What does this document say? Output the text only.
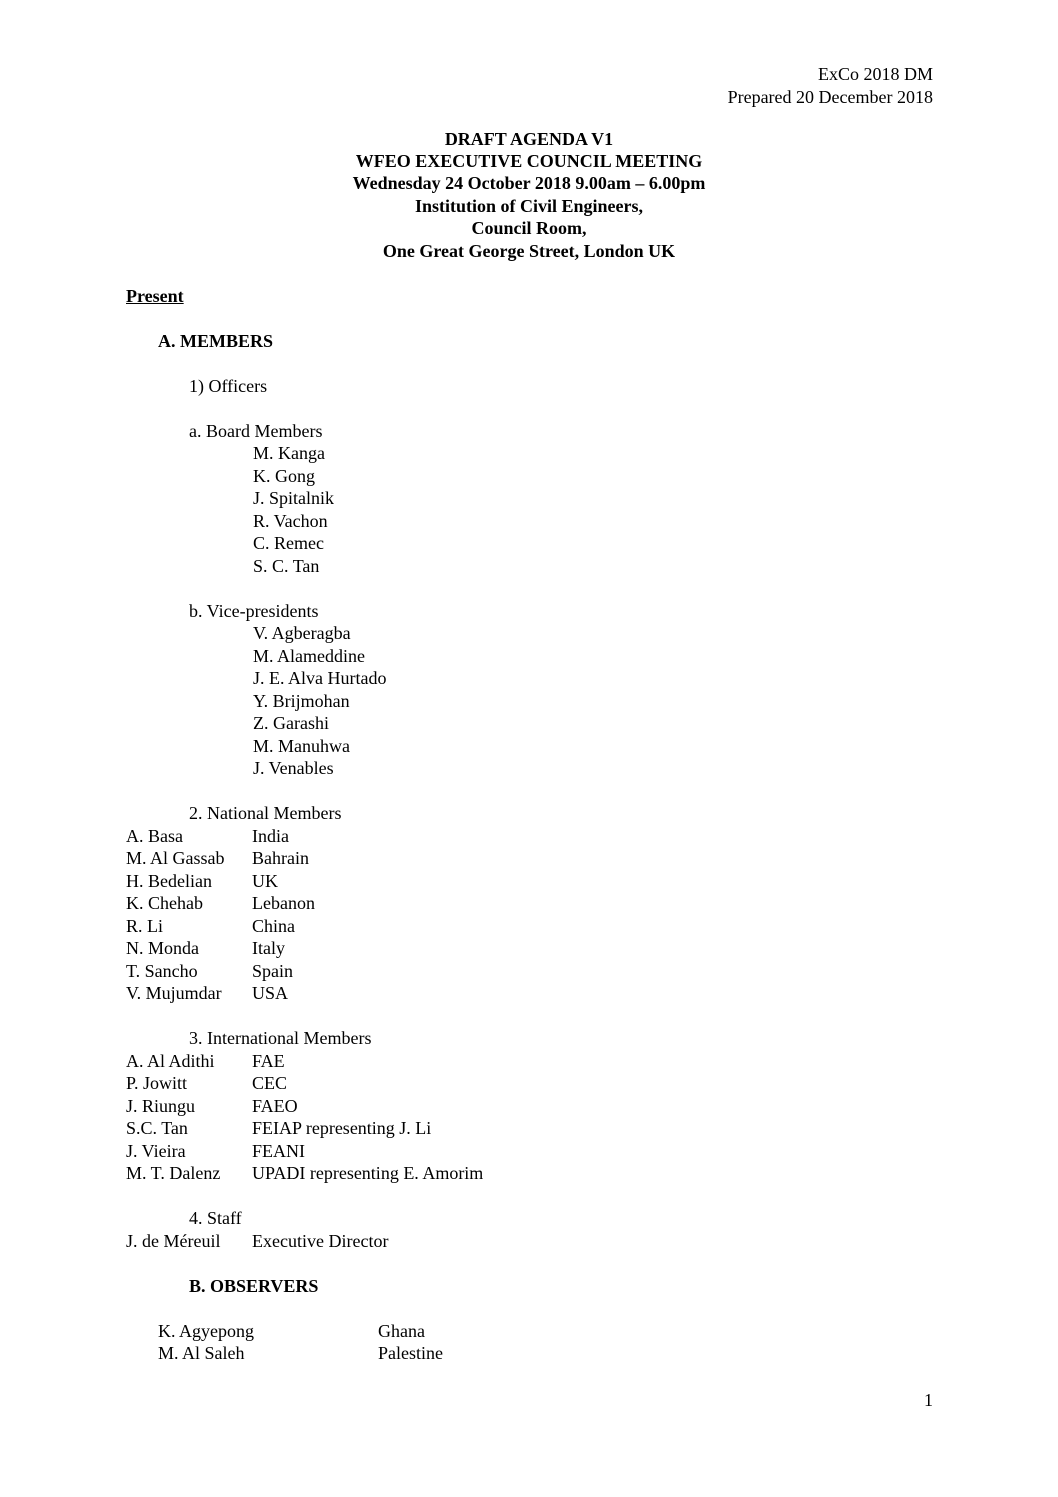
ExCo 2018 DM
Prepared 20 December 2018
DRAFT AGENDA V1
WFEO EXECUTIVE COUNCIL MEETING
Wednesday 24 October 2018 9.00am – 6.00pm
Institution of Civil Engineers,
Council Room,
One Great George Street, London UK
Present
A. MEMBERS
1) Officers
a. Board Members
M. Kanga
K. Gong
J. Spitalnik
R. Vachon
C. Remec
S. C. Tan
b. Vice-presidents
V. Agberagba
M. Alameddine
J. E. Alva Hurtado
Y. Brijmohan
Z. Garashi
M. Manuhwa
J. Venables
2. National Members
A. Basa	India
M. Al Gassab Bahrain
H. Bedelian UK
K. Chehab	Lebanon
R. Li	China
N. Monda	Italy
T. Sancho	Spain
V. Mujumdar USA
3. International Members
A. Al Adithi FAE
P. Jowitt	CEC
J. Riungu	FAEO
S.C. Tan	FEIAP representing J. Li
J. Vieira	FEANI
M. T. Dalenz UPADI representing E. Amorim
4. Staff
J. de Méreuil Executive Director
B. OBSERVERS
K. Agyepong	Ghana
M. Al Saleh	Palestine
1
